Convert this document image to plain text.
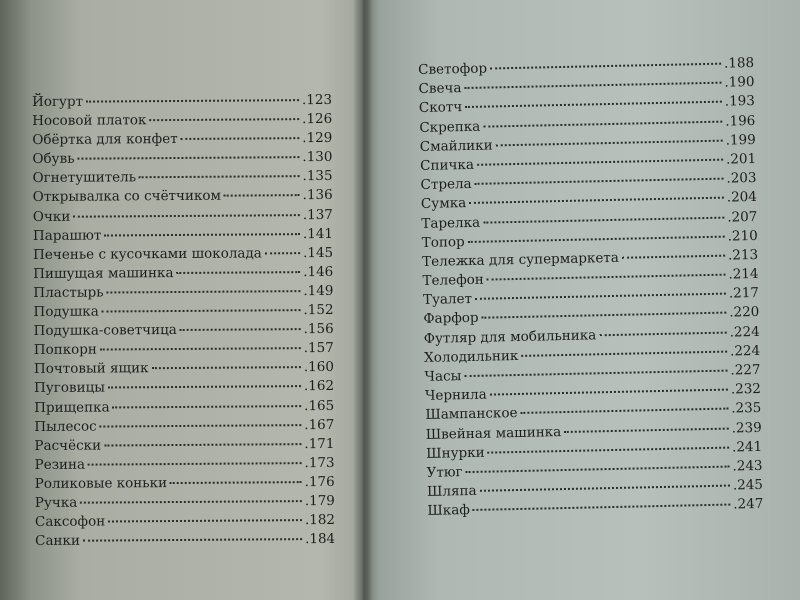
Йогурт	.123
Носовой платок	.126
Обёртка для конфет	.129
Обувь	.130
Огнетушитель	.135
Открывалка со счётчиком	.136
Очки	.137
Парашют	.141
Печенье с кусочками шоколада	.145
Пишущая машинка	.146
Пластырь	.149
Подушка	.152
Подушка-советчица	.156
Попкорн	.157
Почтовый ящик	.160
Пуговицы	.162
Прищепка	.165
Пылесос	.167
Расчёски	.171
Резина	.173
Роликовые коньки	.176
Ручка	.179
Саксофон	.182
Санки	.184
Светофор	.188
Свеча	.190
Скотч	.193
Скрепка	.196
Смайлики	.199
Спичка	.201
Стрела	.203
Сумка	.204
Тарелка	.207
Топор	.210
Тележка для супермаркета	.213
Телефон	.214
Туалет	.217
Фарфор	.220
Футляр для мобильника	.224
Холодильник	.224
Часы	.227
Чернила	.232
Шампанское	.235
Швейная машинка	.239
Шнурки	.241
Утюг	.243
Шляпа	.245
Шкаф	.247
